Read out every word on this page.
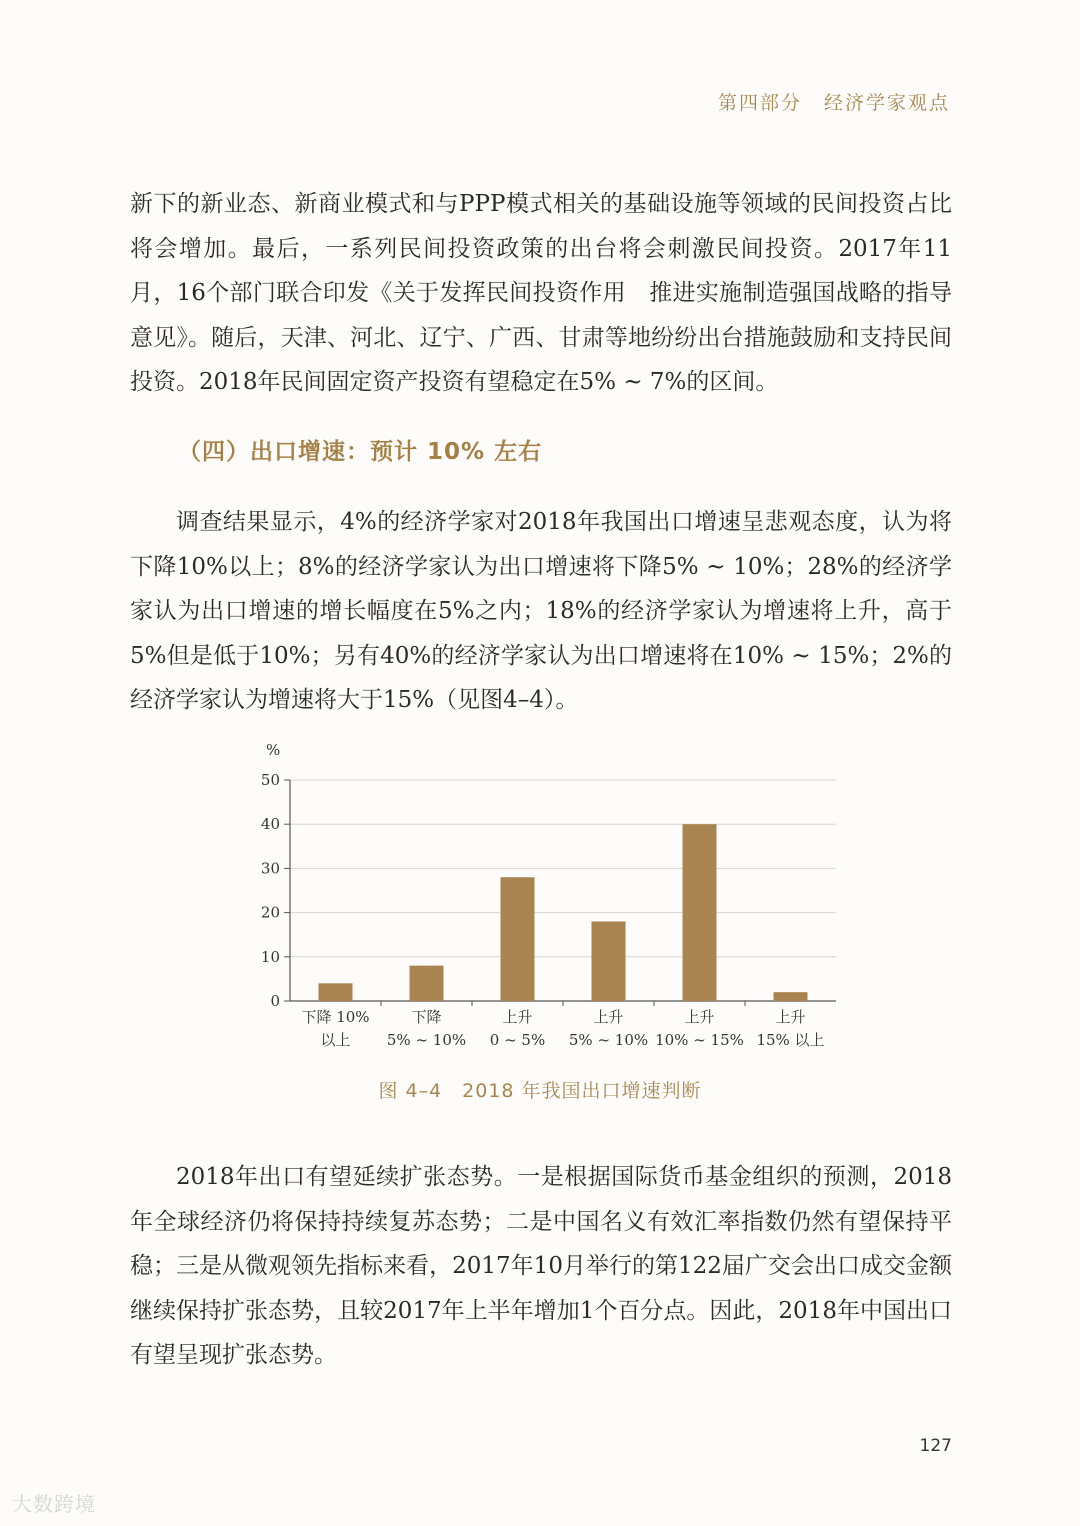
第四部分 经济学家观点

新下的新业态、新商业模式和与PPP模式相关的基础设施等领域的民间投资占比将会增加。最后，一系列民间投资政策的出台将会刺激民间投资。2017年11月，16个部门联合印发《关于发挥民间投资作用　推进实施制造强国战略的指导意见》。随后，天津、河北、辽宁、广西、甘肃等地纷纷出台措施鼓励和支持民间投资。2018年民间固定资产投资有望稳定在5% ~ 7%的区间。

（四）出口增速：预计 10% 左右

调查结果显示，4%的经济学家对2018年我国出口增速呈悲观态度，认为将下降10%以上；8%的经济学家认为出口增速将下降5% ~ 10%；28%的经济学家认为出口增速的增长幅度在5%之内；18%的经济学家认为增速将上升，高于5%但是低于10%；另有40%的经济学家认为出口增速将在10% ~ 15%；2%的经济学家认为增速将大于15%（见图4–4）。

%
0
10
20
30
40
50
下降 10%
以上
下降
5% ~ 10%
上升
0 ~ 5%
上升
5% ~ 10%
上升
10% ~ 15%
上升
15% 以上
图 4–4　2018 年我国出口增速判断

2018年出口有望延续扩张态势。一是根据国际货币基金组织的预测，2018年全球经济仍将保持持续复苏态势；二是中国名义有效汇率指数仍然有望保持平稳；三是从微观领先指标来看，2017年10月举行的第122届广交会出口成交金额继续保持扩张态势，且较2017年上半年增加1个百分点。因此，2018年中国出口有望呈现扩张态势。

127
大数跨境
